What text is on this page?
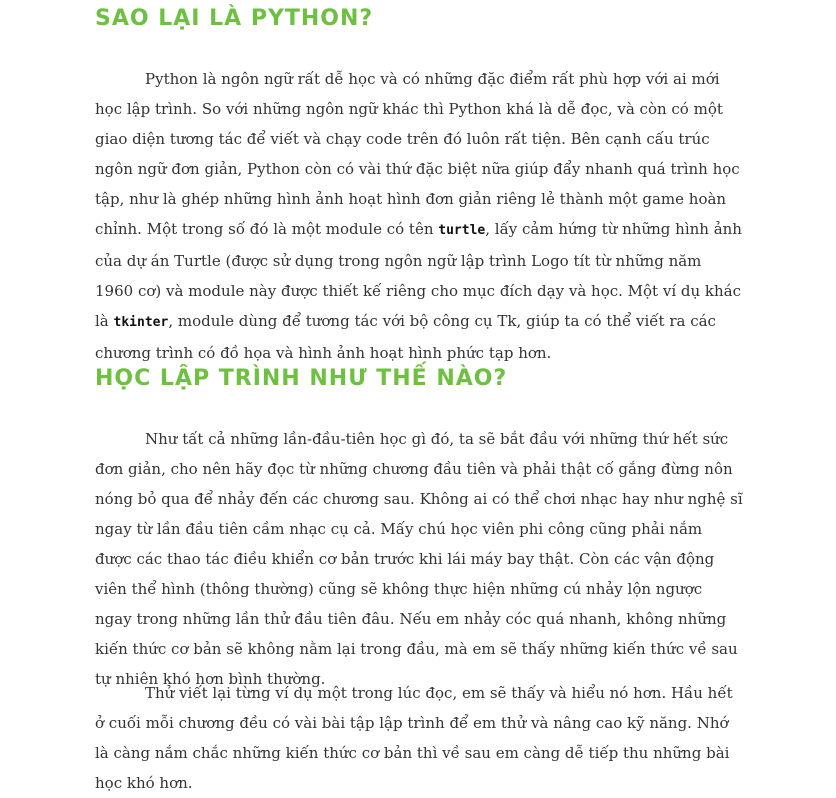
SAO LẠI LÀ PYTHON?

Python là ngôn ngữ rất dễ học và có những đặc điểm rất phù hợp với ai mới học lập trình. So với những ngôn ngữ khác thì Python khá là dễ đọc, và còn có một giao diện tương tác để viết và chạy code trên đó luôn rất tiện. Bên cạnh cấu trúc ngôn ngữ đơn giản, Python còn có vài thứ đặc biệt nữa giúp đẩy nhanh quá trình học tập, như là ghép những hình ảnh hoạt hình đơn giản riêng lẻ thành một game hoàn chỉnh. Một trong số đó là một module có tên turtle, lấy cảm hứng từ những hình ảnh của dự án Turtle (được sử dụng trong ngôn ngữ lập trình Logo tít từ những năm 1960 cơ) và module này được thiết kế riêng cho mục đích dạy và học. Một ví dụ khác là tkinter, module dùng để tương tác với bộ công cụ Tk, giúp ta có thể viết ra các chương trình có đồ họa và hình ảnh hoạt hình phức tạp hơn.

HỌC LẬP TRÌNH NHƯ THẾ NÀO?

Như tất cả những lần-đầu-tiên học gì đó, ta sẽ bắt đầu với những thứ hết sức đơn giản, cho nên hãy đọc từ những chương đầu tiên và phải thật cố gắng đừng nôn nóng bỏ qua để nhảy đến các chương sau. Không ai có thể chơi nhạc hay như nghệ sĩ ngay từ lần đầu tiên cầm nhạc cụ cả. Mấy chú học viên phi công cũng phải nắm được các thao tác điều khiển cơ bản trước khi lái máy bay thật. Còn các vận động viên thể hình (thông thường) cũng sẽ không thực hiện những cú nhảy lộn ngược ngay trong những lần thử đầu tiên đâu. Nếu em nhảy cóc quá nhanh, không những kiến thức cơ bản sẽ không nằm lại trong đầu, mà em sẽ thấy những kiến thức về sau tự nhiên khó hơn bình thường.

Thử viết lại từng ví dụ một trong lúc đọc, em sẽ thấy và hiểu nó hơn. Hầu hết ở cuối mỗi chương đều có vài bài tập lập trình để em thử và nâng cao kỹ năng. Nhớ là càng nắm chắc những kiến thức cơ bản thì về sau em càng dễ tiếp thu những bài học khó hơn.
